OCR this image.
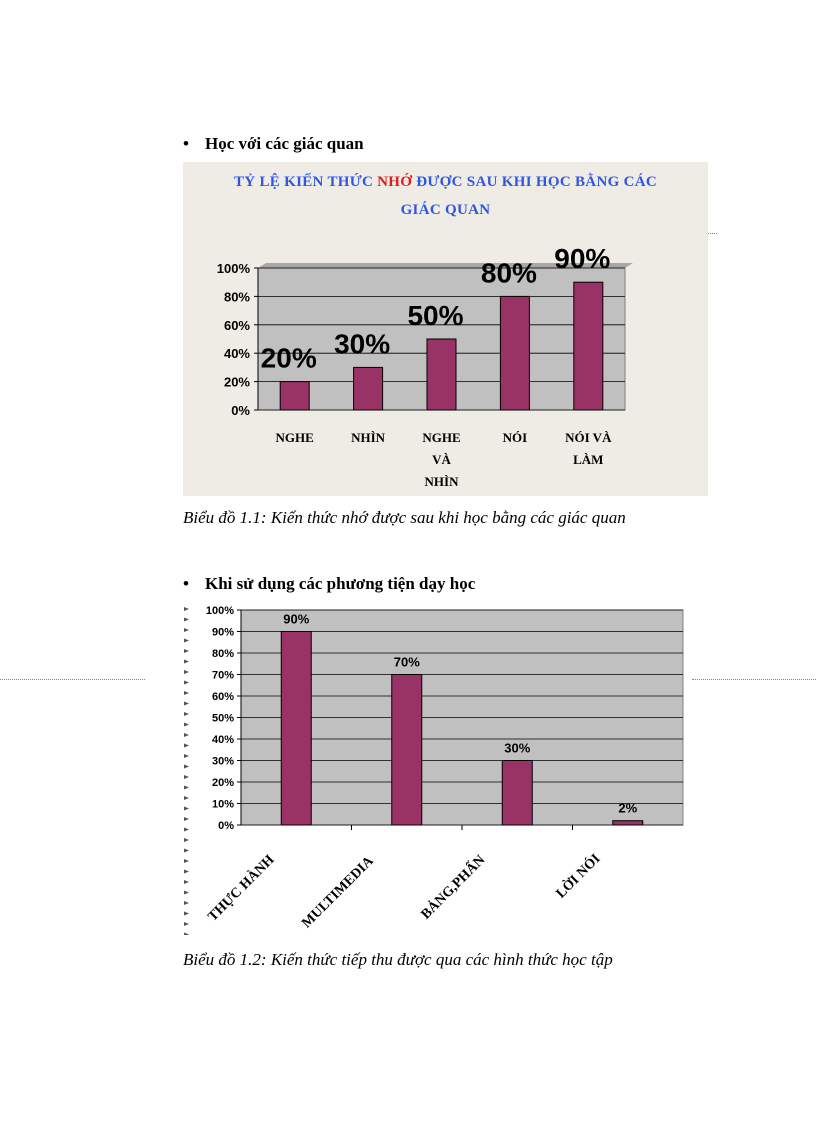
• Học với các giác quan
TỶ LỆ KIẾN THỨC NHỚ ĐƯỢC SAU KHI HỌC BẰNG CÁC
GIÁC QUAN
0%
20%
40%
60%
80%
100%
20%
NGHE
30%
NHÌN
50%
NGHE
VÀ
NHÌN
80%
NÓI
90%
NÓI VÀ
LÀM
Biểu đồ 1.1: Kiến thức nhớ được sau khi học bằng các giác quan
• Khi sử dụng các phương tiện dạy học
0%
10%
20%
30%
40%
50%
60%
70%
80%
90%
100%
90%
THỰC HÀNH
70%
MULTIMEDIA
30%
BẢNG,PHẤN
2%
LỜI NÓI
Biểu đồ 1.2: Kiến thức tiếp thu được qua các hình thức học tập
